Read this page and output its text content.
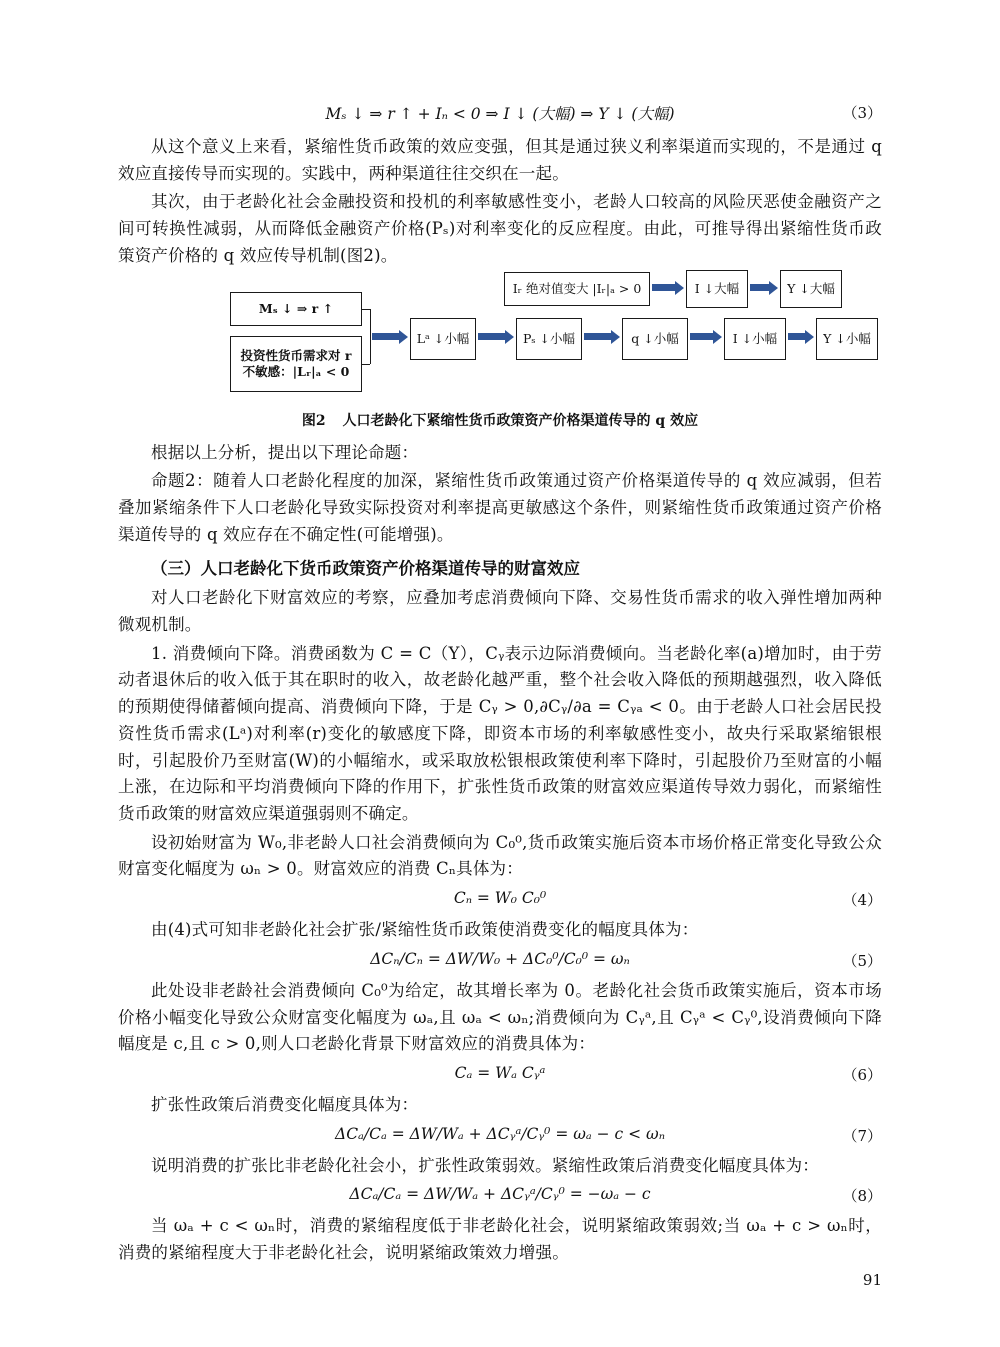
Mₛ ↓ ⇒ r ↑ + Iₙ < 0 ⇒ I ↓ (大幅) ⇒ Y ↓ (大幅)	（3）

从这个意义上来看，紧缩性货币政策的效应变强，但其是通过狭义利率渠道而实现的，不是通过 q 效应直接传导而实现的。实践中，两种渠道往往交织在一起。

其次，由于老龄化社会金融投资和投机的利率敏感性变小，老龄人口较高的风险厌恶使金融资产之间可转换性减弱，从而降低金融资产价格(Pₛ)对利率变化的反应程度。由此，可推导得出紧缩性货币政策资产价格的 q 效应传导机制(图2)。

Mₛ ↓ ⇒ r ↑
投资性货币需求对 r 不敏感：|Lᵣ|ₐ < 0
Lᵃ ↓小幅	Pₛ ↓小幅	q ↓小幅
Iᵣ 绝对值变大 |Iᵣ|ₐ > 0	I ↓大幅	Y ↓大幅
I ↓小幅	Y ↓小幅
图2 人口老龄化下紧缩性货币政策资产价格渠道传导的 q 效应

根据以上分析，提出以下理论命题：

命题2：随着人口老龄化程度的加深，紧缩性货币政策通过资产价格渠道传导的 q 效应减弱，但若叠加紧缩条件下人口老龄化导致实际投资对利率提高更敏感这个条件，则紧缩性货币政策通过资产价格渠道传导的 q 效应存在不确定性(可能增强)。

（三）人口老龄化下货币政策资产价格渠道传导的财富效应

对人口老龄化下财富效应的考察，应叠加考虑消费倾向下降、交易性货币需求的收入弹性增加两种微观机制。

1. 消费倾向下降。消费函数为 C = C（Y），Cᵧ表示边际消费倾向。当老龄化率(a)增加时，由于劳动者退休后的收入低于其在职时的收入，故老龄化越严重，整个社会收入降低的预期越强烈，收入降低的预期使得储蓄倾向提高、消费倾向下降，于是 Cᵧ > 0,∂Cᵧ/∂a = Cᵧₐ < 0。由于老龄人口社会居民投资性货币需求(Lᵃ)对利率(r)变化的敏感度下降，即资本市场的利率敏感性变小，故央行采取紧缩银根时，引起股价乃至财富(W)的小幅缩水，或采取放松银根政策使利率下降时，引起股价乃至财富的小幅上涨，在边际和平均消费倾向下降的作用下，扩张性货币政策的财富效应渠道传导效力弱化，而紧缩性货币政策的财富效应渠道强弱则不确定。

设初始财富为 W₀,非老龄人口社会消费倾向为 C₀⁰,货币政策实施后资本市场价格正常变化导致公众财富变化幅度为 ωₙ > 0。财富效应的消费 Cₙ具体为：

Cₙ = W₀ C₀⁰	（4）

由(4)式可知非老龄化社会扩张/紧缩性货币政策使消费变化的幅度具体为：

ΔCₙ/Cₙ = ΔW/W₀ + ΔC₀⁰/C₀⁰ = ωₙ	（5）

此处设非老龄社会消费倾向 C₀⁰为给定，故其增长率为 0。老龄化社会货币政策实施后，资本市场价格小幅变化导致公众财富变化幅度为 ωₐ,且 ωₐ < ωₙ;消费倾向为 Cᵧᵃ,且 Cᵧᵃ < Cᵧ⁰,设消费倾向下降幅度是 c,且 c > 0,则人口老龄化背景下财富效应的消费具体为：

Cₐ = Wₐ Cᵧᵃ	（6）

扩张性政策后消费变化幅度具体为：

ΔCₐ/Cₐ = ΔW/Wₐ + ΔCᵧᵃ/Cᵧ⁰ = ωₐ − c < ωₙ	（7）

说明消费的扩张比非老龄化社会小，扩张性政策弱效。紧缩性政策后消费变化幅度具体为：

ΔCₐ/Cₐ = ΔW/Wₐ + ΔCᵧᵃ/Cᵧ⁰ = −ωₐ − c	（8）

当 ωₐ + c < ωₙ时，消费的紧缩程度低于非老龄化社会，说明紧缩政策弱效;当 ωₐ + c > ωₙ时，消费的紧缩程度大于非老龄化社会，说明紧缩政策效力增强。

91
